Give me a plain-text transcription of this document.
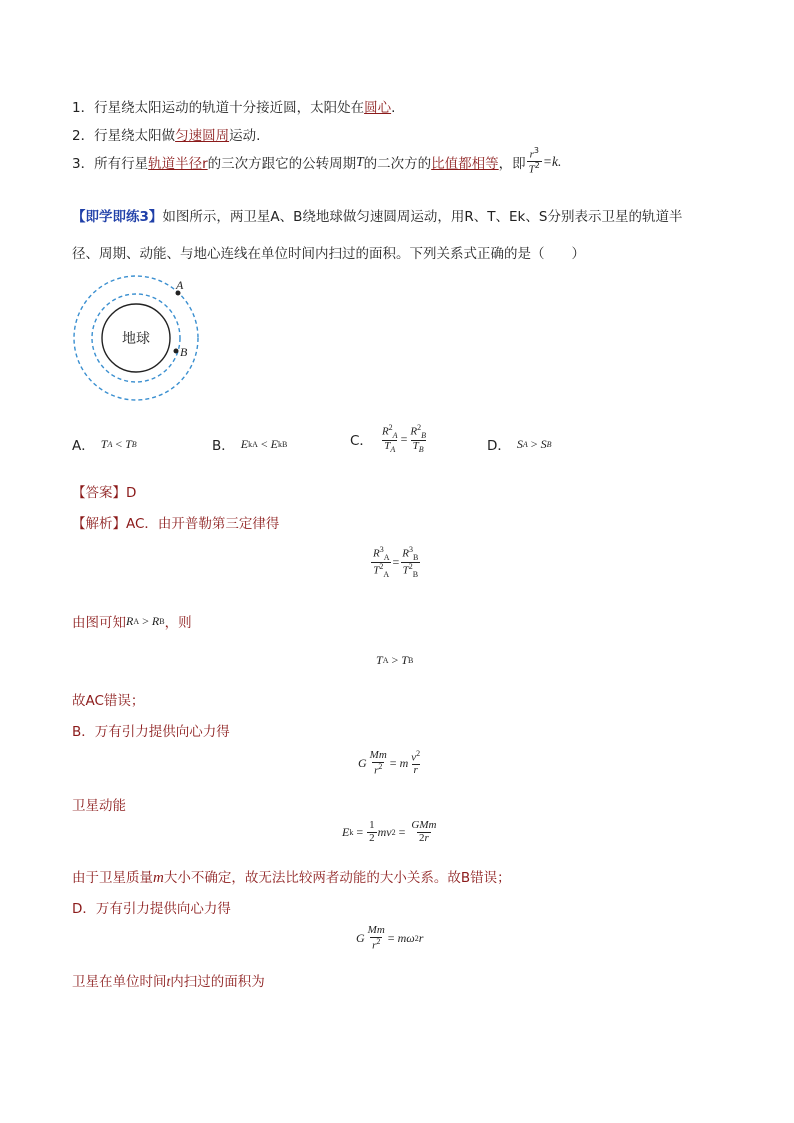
1．行星绕太阳运动的轨道十分接近圆，太阳处在圆心.
2．行星绕太阳做匀速圆周运动.
3． 所有行星 轨道半径r 的三次方跟它的公转周期 T 的二次方的 比值都相等 ，即 $\frac{r^3}{T^2} =k$.
【即学即练3】如图所示，两卫星A、B绕地球做匀速圆周运动，用R、T、Ek、S分别表示卫星的轨道半
径、周期、动能、与地心连线在单位时间内扫过的面积。下列关系式正确的是（　　）
地球
A
B
A． T A < T B	B． E kA < E kB	C． $\frac{R^2_A}{T_A} = \frac{R^2_B}{T_B}$	D． S A > S B
【答案】D
【解析】AC．由开普勒第三定律得
$\frac{R^3_A}{T^2_A} = \frac{R^3_B}{T^2_B}$
由图可知 R A > R B ，则
T A > T B
故AC错误；
B．万有引力提供向心力得
G $\frac{Mm}{r^2} = m \frac{v^2}{r}$
卫星动能
E $k = \frac{1}{2}$ mv $2 = \frac{\text{GMm}}{2r}$
由于卫星质量m大小不确定，故无法比较两者动能的大小关系。故B错误；
D．万有引力提供向心力得
G $\frac{Mm}{r^2} = m\omega$ 2 r
卫星在单位时间t内扫过的面积为
